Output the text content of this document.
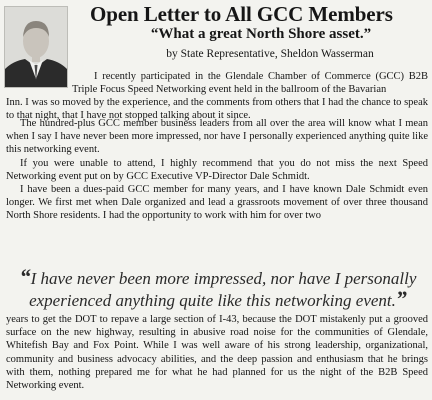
Open Letter to All GCC Members
“What a great North Shore asset.”
by State Representative, Sheldon Wasserman

I recently participated in the Glendale Chamber of Commerce (GCC) B2B Triple Focus Speed Networking event held in the ballroom of the Bavarian

Inn. I was so moved by the experience, and the comments from others that I had the chance to speak to that night, that I have not stopped talking about it since.

The hundred-plus GCC member business leaders from all over the area will know what I mean when I say I have never been more impressed, nor have I personally experienced anything quite like this networking event.

If you were unable to attend, I highly recommend that you do not miss the next Speed Networking event put on by GCC Executive VP-Director Dale Schmidt.

I have been a dues-paid GCC member for many years, and I have known Dale Schmidt even longer. We first met when Dale organized and lead a grassroots movement of over three thousand North Shore residents. I had the opportunity to work with him for over two

“I have never been more impressed, nor have I personally experienced anything quite like this networking event.”

years to get the DOT to repave a large section of I-43, because the DOT mistakenly put a grooved surface on the new highway, resulting in abusive road noise for the communities of Glendale, Whitefish Bay and Fox Point. While I was well aware of his strong leadership, organizational, community and business advocacy abilities, and the deep passion and enthusiasm that he brings with them, nothing prepared me for what he had planned for us the night of the B2B Speed Networking event.
